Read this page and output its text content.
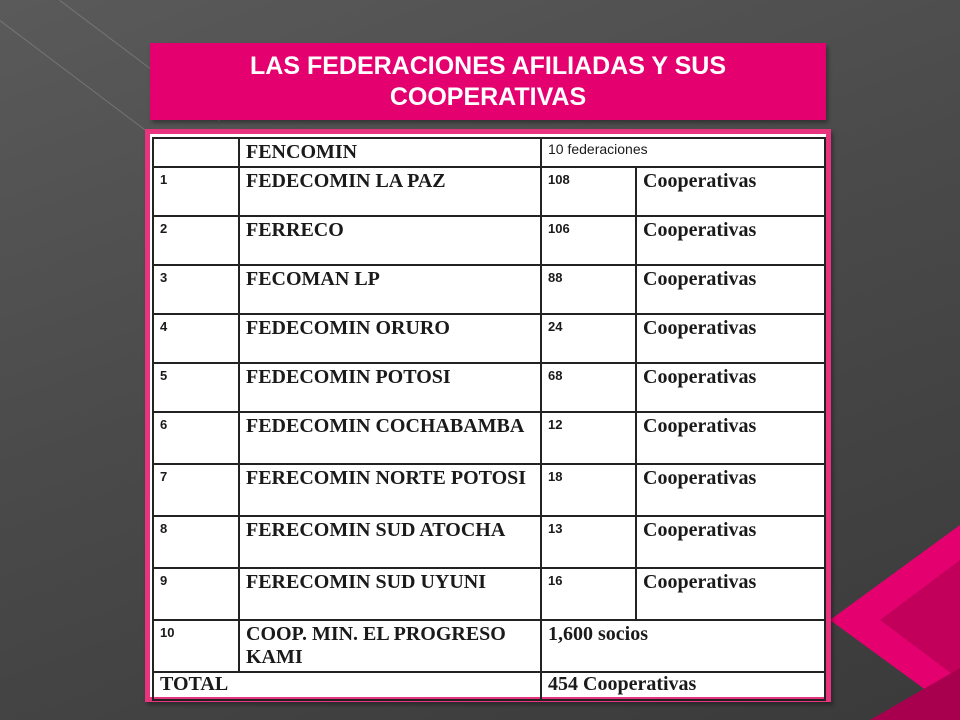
LAS FEDERACIONES AFILIADAS Y SUS COOPERATIVAS
	FENCOMIN	10 federaciones	
1	FEDECOMIN LA PAZ	108	Cooperativas
2	FERRECO	106	Cooperativas
3	FECOMAN LP	88	Cooperativas
4	FEDECOMIN ORURO	24	Cooperativas
5	FEDECOMIN POTOSI	68	Cooperativas
6	FEDECOMIN COCHABAMBA	12	Cooperativas
7	FERECOMIN NORTE POTOSI	18	Cooperativas
8	FERECOMIN SUD ATOCHA	13	Cooperativas
9	FERECOMIN SUD UYUNI	16	Cooperativas
10	COOP. MIN. EL PROGRESO KAMI	1,600 socios	
TOTAL		454 Cooperativas	
